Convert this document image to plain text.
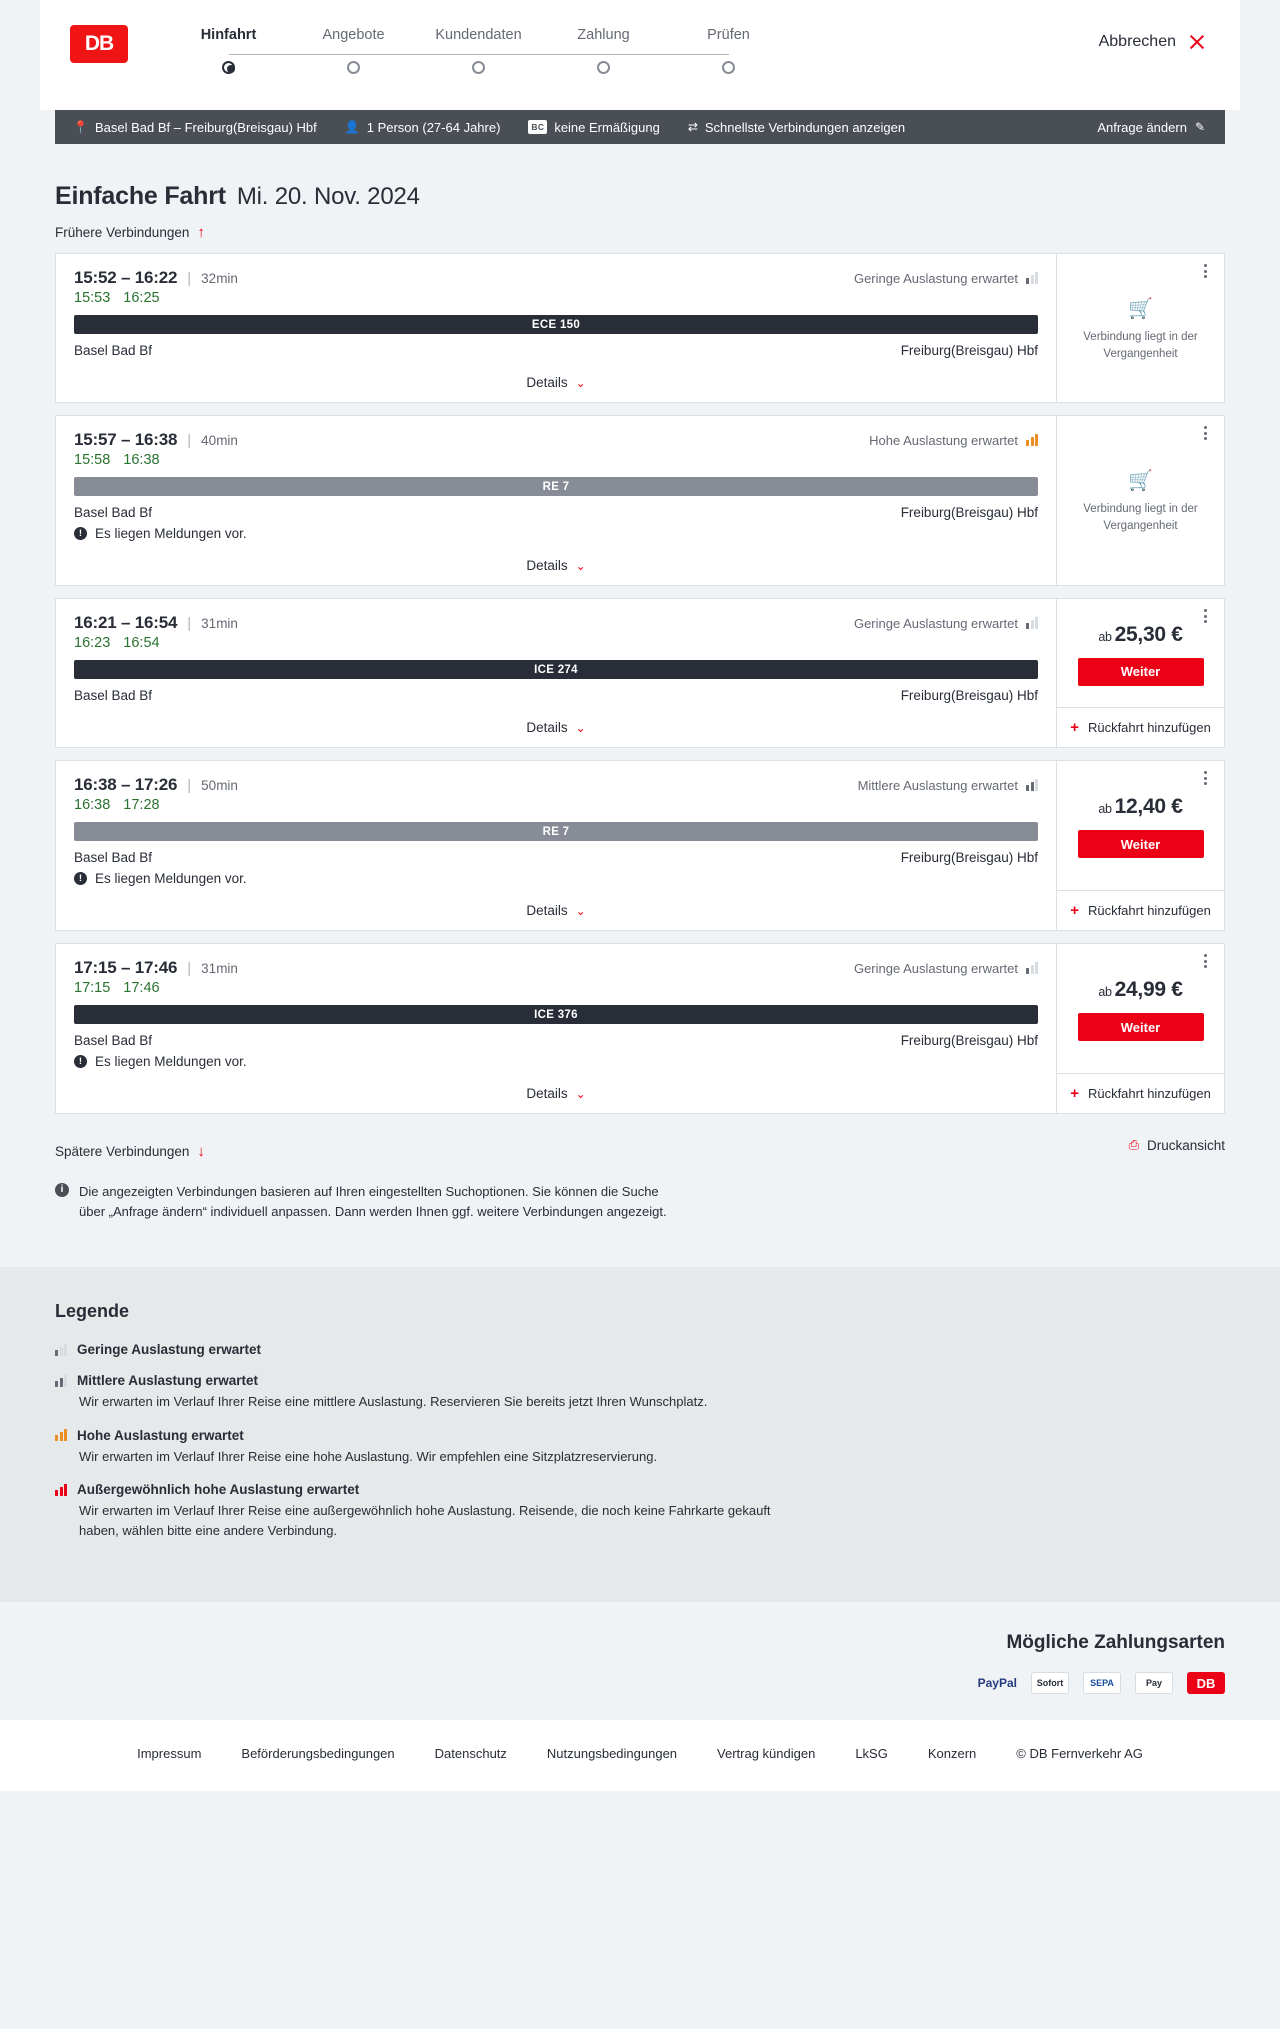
DB	Hinfahrt	Angebote	Kundendaten	Zahlung	Prüfen	Abbrechen
📍 Basel Bad Bf – Freiburg(Breisgau) Hbf 👤 1 Person (27-64 Jahre)	BC keine Ermäßigung ⇄ Schnellste Verbindungen anzeigen	Anfrage ändern ✎
Einfache Fahrt Mi. 20. Nov. 2024
Frühere Verbindungen ↑
15:52 – 16:22 | 32min	Geringe Auslastung erwartet
15:53 16:25
ECE 150
Basel Bad Bf	Freiburg(Breisgau) Hbf
Details ⌄
🛒
Verbindung liegt in der Vergangenheit
15:57 – 16:38 | 40min	Hohe Auslastung erwartet
15:58 16:38
RE 7
Basel Bad Bf	Freiburg(Breisgau) Hbf
! Es liegen Meldungen vor.
Details ⌄
🛒
Verbindung liegt in der Vergangenheit
16:21 – 16:54 | 31min	Geringe Auslastung erwartet
16:23 16:54
ICE 274
Basel Bad Bf	Freiburg(Breisgau) Hbf
Details ⌄
ab 25,30 €
Weiter
+ Rückfahrt hinzufügen
16:38 – 17:26 | 50min	Mittlere Auslastung erwartet
16:38 17:28
RE 7
Basel Bad Bf	Freiburg(Breisgau) Hbf
! Es liegen Meldungen vor.
Details ⌄
ab 12,40 €
Weiter
+ Rückfahrt hinzufügen
17:15 – 17:46 | 31min	Geringe Auslastung erwartet
17:15 17:46
ICE 376
Basel Bad Bf	Freiburg(Breisgau) Hbf
! Es liegen Meldungen vor.
Details ⌄
ab 24,99 €
Weiter
+ Rückfahrt hinzufügen
Spätere Verbindungen ↓	⎙ Druckansicht
i	Die angezeigten Verbindungen basieren auf Ihren eingestellten Suchoptionen. Sie können die Suche über „Anfrage ändern“ individuell anpassen. Dann werden Ihnen ggf. weitere Verbindungen angezeigt.

Legende
Geringe Auslastung erwartet
Mittlere Auslastung erwartet
Wir erwarten im Verlauf Ihrer Reise eine mittlere Auslastung. Reservieren Sie bereits jetzt Ihren Wunschplatz.
Hohe Auslastung erwartet
Wir erwarten im Verlauf Ihrer Reise eine hohe Auslastung. Wir empfehlen eine Sitzplatzreservierung.
Außergewöhnlich hohe Auslastung erwartet
Wir erwarten im Verlauf Ihrer Reise eine außergewöhnlich hohe Auslastung. Reisende, die noch keine Fahrkarte gekauft haben, wählen bitte eine andere Verbindung.
Mögliche Zahlungsarten
PayPal	Sofort	SEPA	Pay	DB
Impressum	Beförderungsbedingungen	Datenschutz	Nutzungsbedingungen	Vertrag kündigen	LkSG	Konzern	© DB Fernverkehr AG
